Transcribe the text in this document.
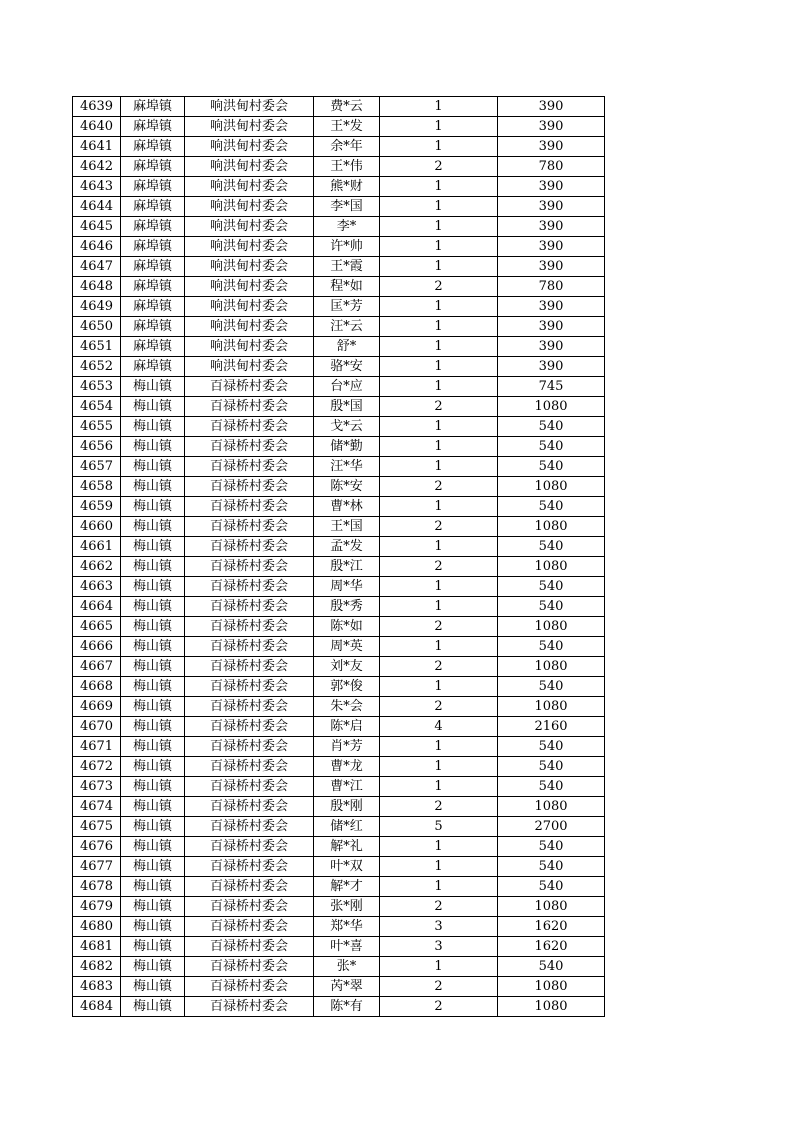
4639	麻埠镇	响洪甸村委会	费*云	1	390
4640	麻埠镇	响洪甸村委会	王*发	1	390
4641	麻埠镇	响洪甸村委会	余*年	1	390
4642	麻埠镇	响洪甸村委会	王*伟	2	780
4643	麻埠镇	响洪甸村委会	熊*财	1	390
4644	麻埠镇	响洪甸村委会	李*国	1	390
4645	麻埠镇	响洪甸村委会	李*	1	390
4646	麻埠镇	响洪甸村委会	许*帅	1	390
4647	麻埠镇	响洪甸村委会	王*霞	1	390
4648	麻埠镇	响洪甸村委会	程*如	2	780
4649	麻埠镇	响洪甸村委会	匡*芳	1	390
4650	麻埠镇	响洪甸村委会	汪*云	1	390
4651	麻埠镇	响洪甸村委会	舒*	1	390
4652	麻埠镇	响洪甸村委会	骆*安	1	390
4653	梅山镇	百禄桥村委会	台*应	1	745
4654	梅山镇	百禄桥村委会	殷*国	2	1080
4655	梅山镇	百禄桥村委会	戈*云	1	540
4656	梅山镇	百禄桥村委会	储*勤	1	540
4657	梅山镇	百禄桥村委会	汪*华	1	540
4658	梅山镇	百禄桥村委会	陈*安	2	1080
4659	梅山镇	百禄桥村委会	曹*林	1	540
4660	梅山镇	百禄桥村委会	王*国	2	1080
4661	梅山镇	百禄桥村委会	孟*发	1	540
4662	梅山镇	百禄桥村委会	殷*江	2	1080
4663	梅山镇	百禄桥村委会	周*华	1	540
4664	梅山镇	百禄桥村委会	殷*秀	1	540
4665	梅山镇	百禄桥村委会	陈*如	2	1080
4666	梅山镇	百禄桥村委会	周*英	1	540
4667	梅山镇	百禄桥村委会	刘*友	2	1080
4668	梅山镇	百禄桥村委会	郭*俊	1	540
4669	梅山镇	百禄桥村委会	朱*会	2	1080
4670	梅山镇	百禄桥村委会	陈*启	4	2160
4671	梅山镇	百禄桥村委会	肖*芳	1	540
4672	梅山镇	百禄桥村委会	曹*龙	1	540
4673	梅山镇	百禄桥村委会	曹*江	1	540
4674	梅山镇	百禄桥村委会	殷*刚	2	1080
4675	梅山镇	百禄桥村委会	储*红	5	2700
4676	梅山镇	百禄桥村委会	解*礼	1	540
4677	梅山镇	百禄桥村委会	叶*双	1	540
4678	梅山镇	百禄桥村委会	解*才	1	540
4679	梅山镇	百禄桥村委会	张*刚	2	1080
4680	梅山镇	百禄桥村委会	郑*华	3	1620
4681	梅山镇	百禄桥村委会	叶*喜	3	1620
4682	梅山镇	百禄桥村委会	张*	1	540
4683	梅山镇	百禄桥村委会	芮*翠	2	1080
4684	梅山镇	百禄桥村委会	陈*有	2	1080
